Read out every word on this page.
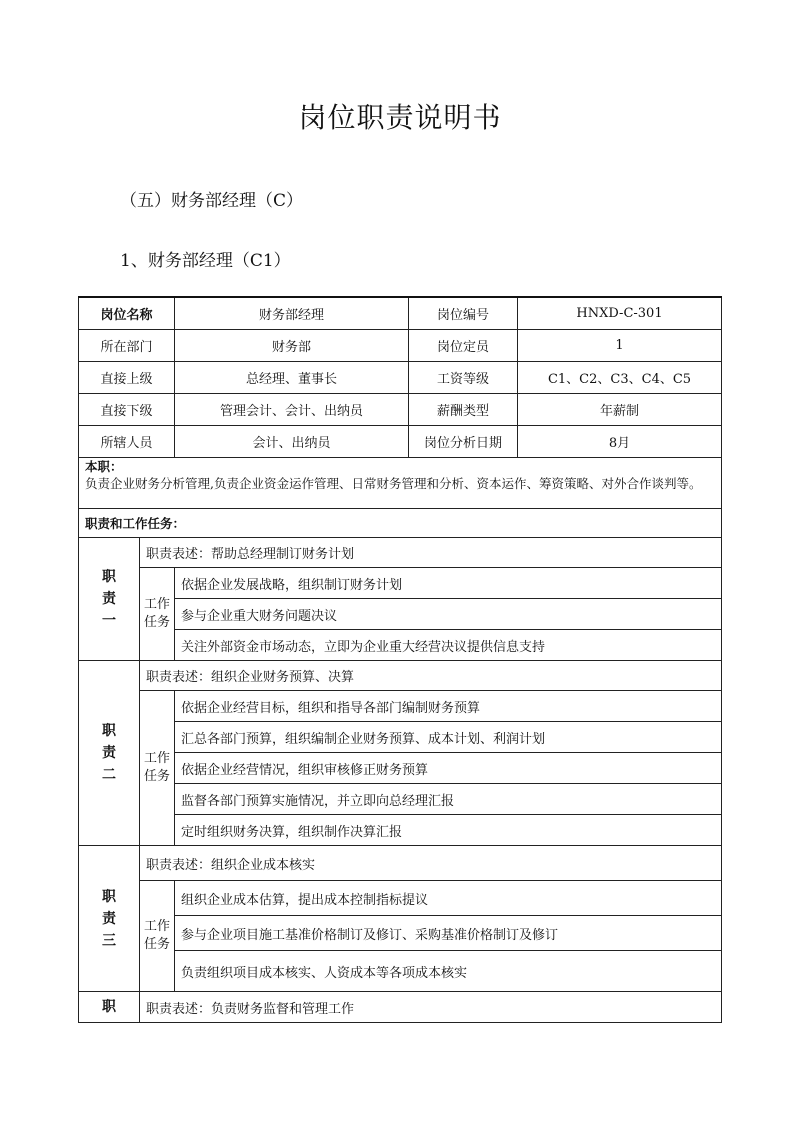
岗位职责说明书
（五）财务部经理（C）
1、财务部经理（C1）
岗位名称		财务部经理	岗位编号	HNXD-C-301
所在部门		财务部	岗位定员	1
直接上级		总经理、董事长	工资等级	C1、C2、C3、C4、C5
直接下级		管理会计、会计、出纳员	薪酬类型	年薪制
所辖人员		会计、出纳员	岗位分析日期	8月

本职：
负责企业财务分析管理,负责企业资金运作管理、日常财务管理和分析、资本运作、筹资策略、对外合作谈判等。				

职责和工作任务：				
职责一	职责表述：帮助总经理制订财务计划			
	工作任务	依据企业发展战略，组织制订财务计划		
		参与企业重大财务问题决议		
		关注外部资金市场动态，立即为企业重大经营决议提供信息支持		
职责二	职责表述：组织企业财务预算、决算			
	工作任务	依据企业经营目标，组织和指导各部门编制财务预算		
		汇总各部门预算，组织编制企业财务预算、成本计划、利润计划		
		依据企业经营情况，组织审核修正财务预算		
		监督各部门预算实施情况，并立即向总经理汇报		
		定时组织财务决算，组织制作决算汇报		
职责三	职责表述：组织企业成本核实			
	工作任务	组织企业成本估算，提出成本控制指标提议		
		参与企业项目施工基准价格制订及修订、采购基准价格制订及修订		
		负责组织项目成本核实、人资成本等各项成本核实		
职	职责表述：负责财务监督和管理工作			
